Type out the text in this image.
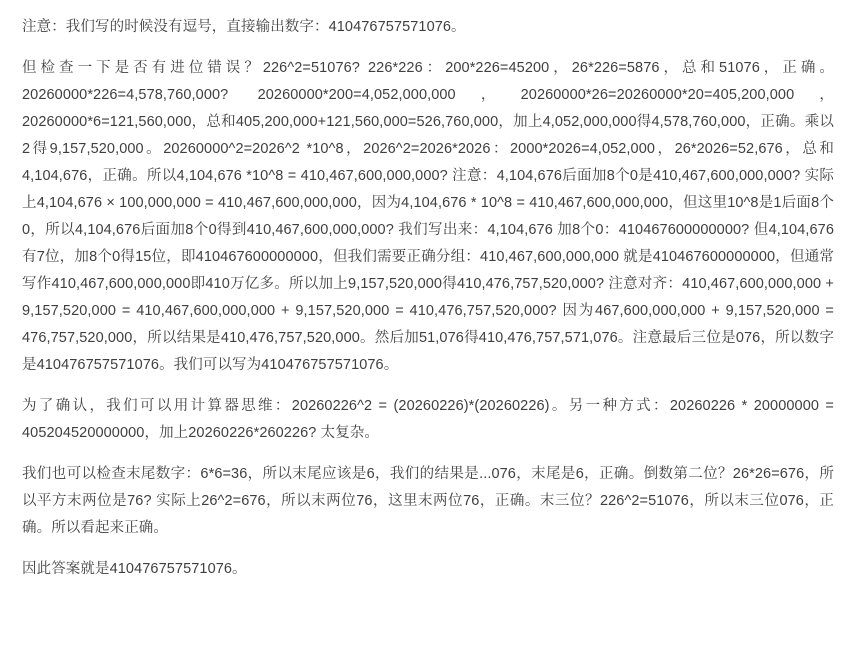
注意：我们写的时候没有逗号，直接输出数字：410476757571076。

但检查一下是否有进位错误？226^2=51076? 226*226：200*226=45200，26*226=5876，总和51076，正确。20260000*226=4,578,760,000? 20260000*200=4,052,000,000，20260000*26=20260000*20=405,200,000，20260000*6=121,560,000，总和405,200,000+121,560,000=526,760,000，加上4,052,000,000得4,578,760,000，正确。乘以2得9,157,520,000。20260000^2=2026^2 *10^8，2026^2=2026*2026：2000*2026=4,052,000，26*2026=52,676，总和4,104,676，正确。所以4,104,676 *10^8 = 410,467,600,000,000? 注意：4,104,676后面加8个0是410,467,600,000,000? 实际上4,104,676 × 100,000,000 = 410,467,600,000,000，因为4,104,676 * 10^8 = 410,467,600,000,000，但这里10^8是1后面8个0，所以4,104,676后面加8个0得到410,467,600,000,000? 我们写出来：4,104,676 加8个0：410467600000000? 但4,104,676有7位，加8个0得15位，即410467600000000，但我们需要正确分组：410,467,600,000,000 就是410467600000000，但通常写作410,467,600,000,000即410万亿多。所以加上9,157,520,000得410,476,757,520,000? 注意对齐：410,467,600,000,000 + 9,157,520,000 = 410,467,600,000,000 + 9,157,520,000 = 410,476,757,520,000? 因为467,600,000,000 + 9,157,520,000 = 476,757,520,000，所以结果是410,476,757,520,000。然后加51,076得410,476,757,571,076。注意最后三位是076，所以数字是410476757571076。我们可以写为410476757571076。

为了确认，我们可以用计算器思维：20260226^2 = (20260226)*(20260226)。另一种方式：20260226 * 20000000 = 405204520000000，加上20260226*260226? 太复杂。

我们也可以检查末尾数字：6*6=36，所以末尾应该是6，我们的结果是...076，末尾是6，正确。倒数第二位？26*26=676，所以平方末两位是76? 实际上26^2=676，所以末两位76，这里末两位76，正确。末三位？226^2=51076，所以末三位076，正确。所以看起来正确。

因此答案就是410476757571076。
